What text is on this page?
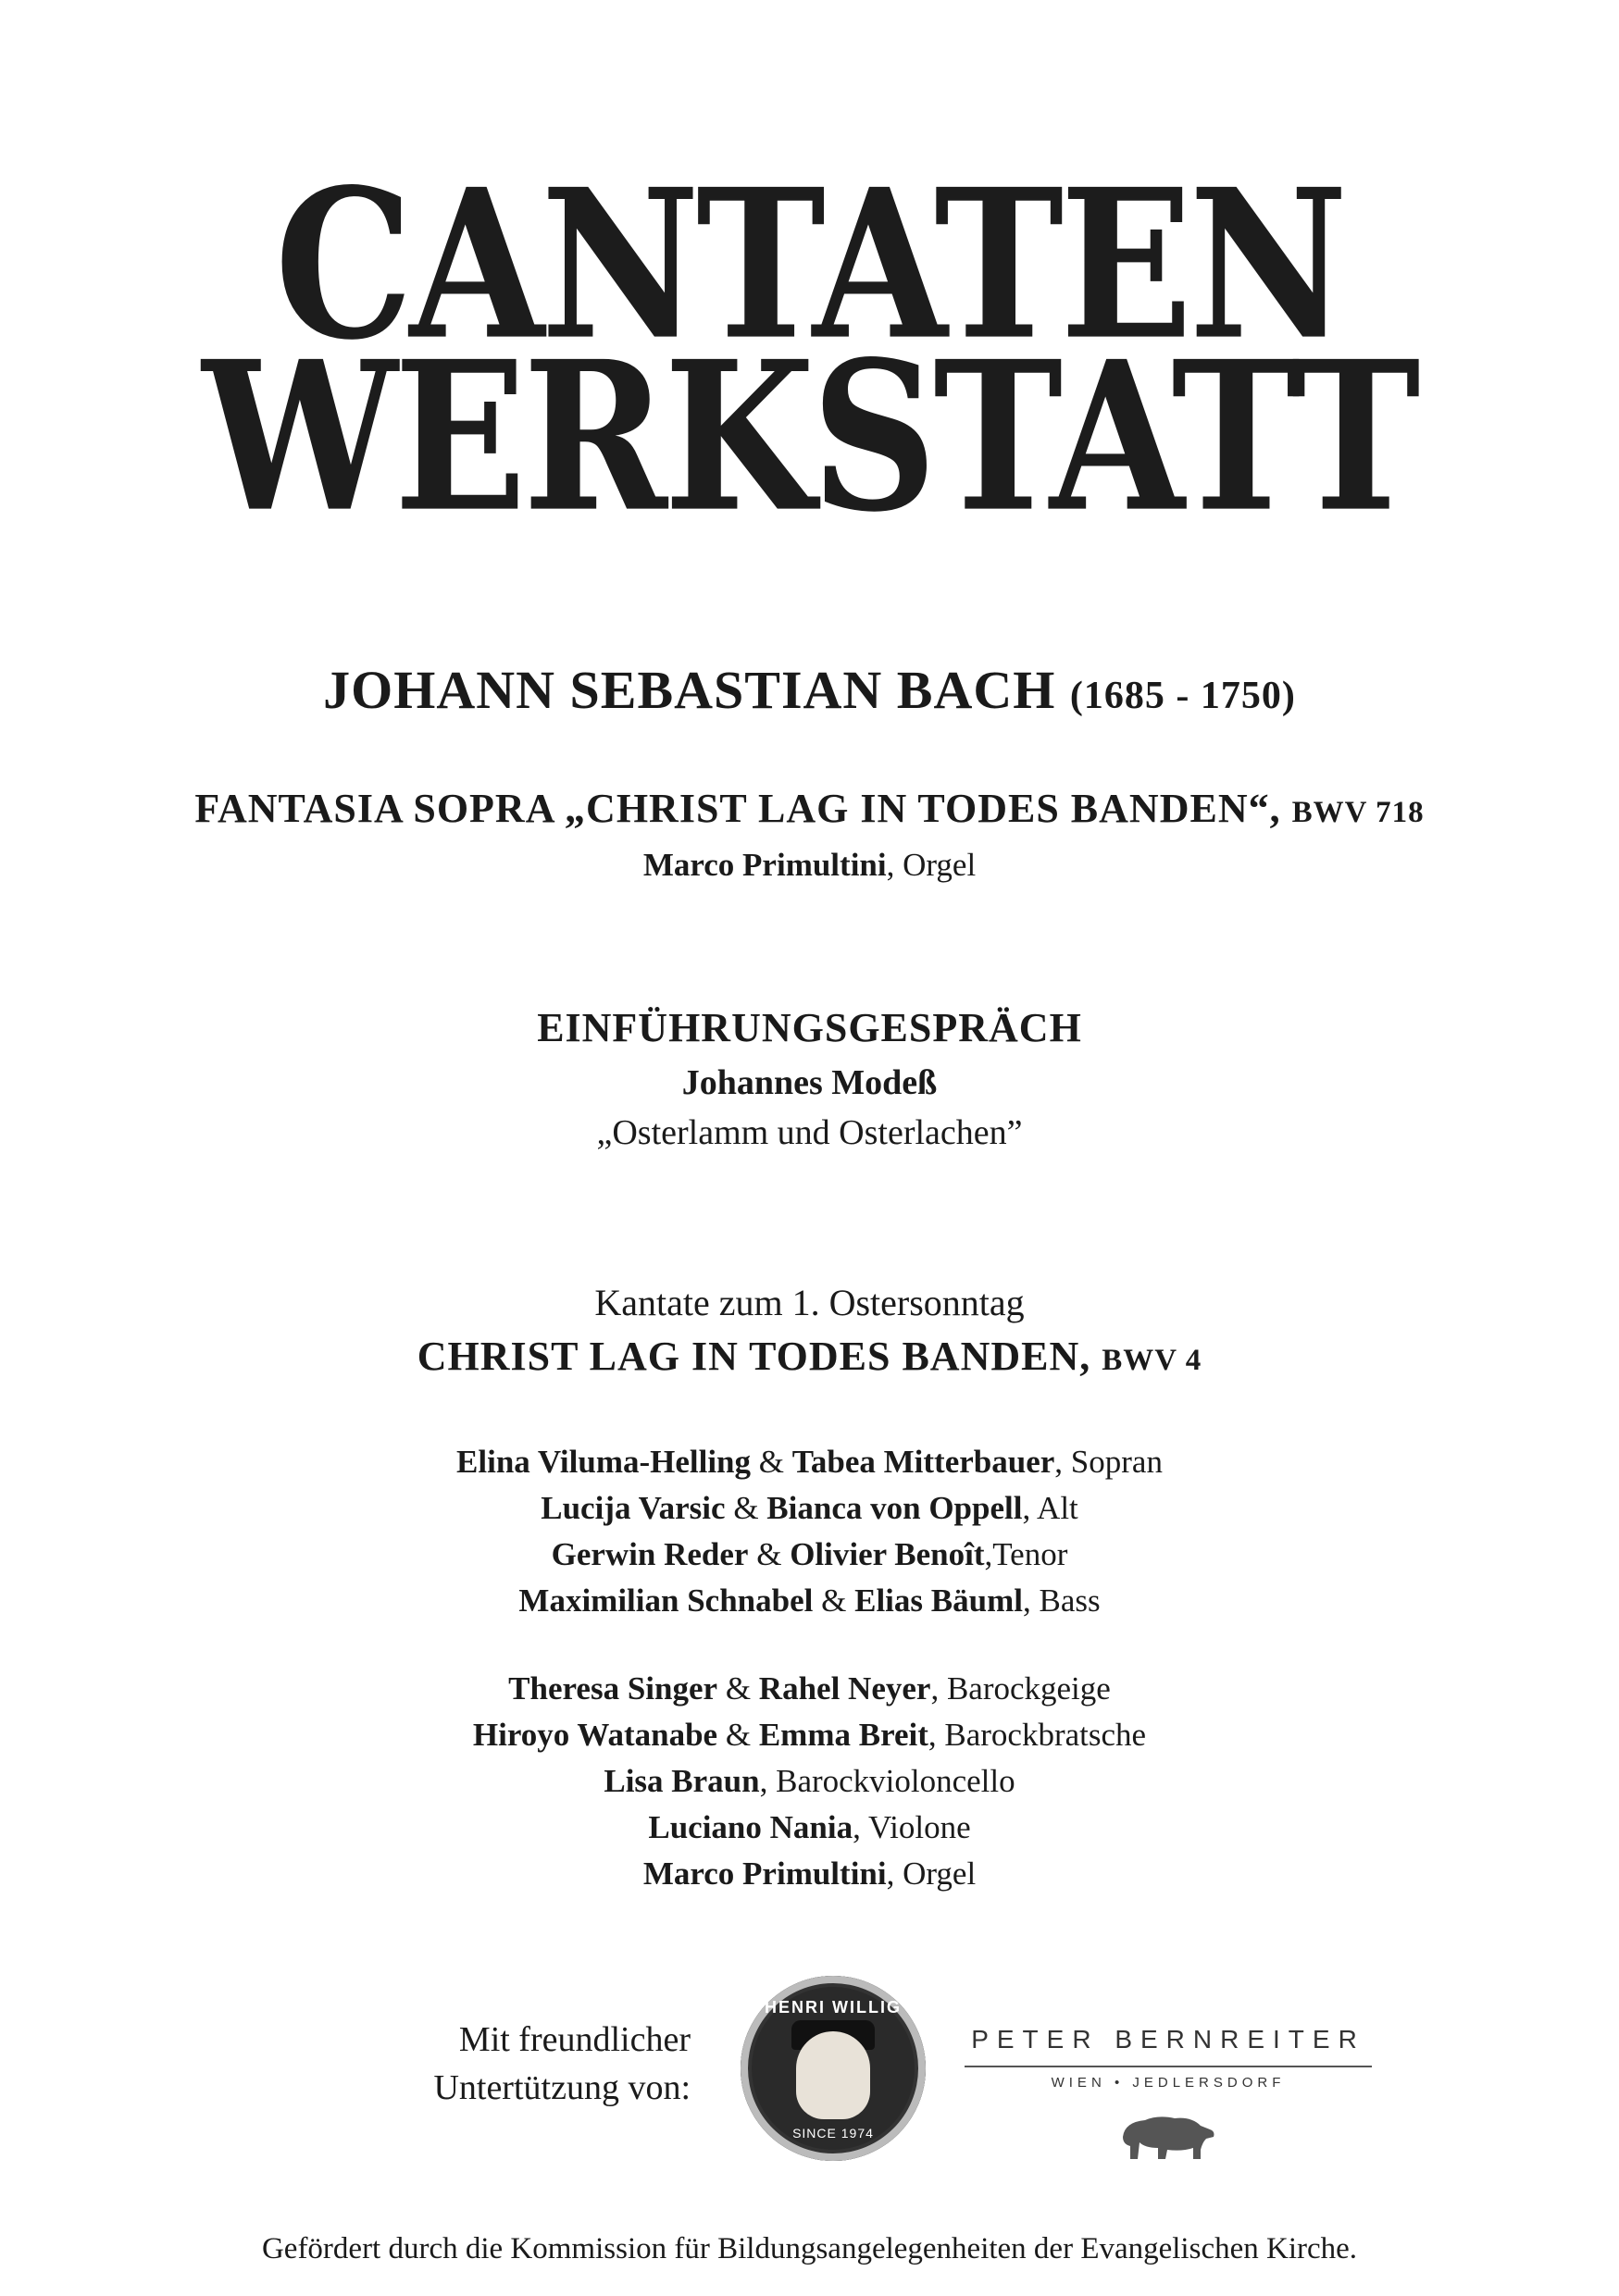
CANTATEN
WERKSTATT
JOHANN SEBASTIAN BACH (1685 - 1750)
FANTASIA SOPRA „CHRIST LAG IN TODES BANDEN“, BWV 718
Marco Primultini, Orgel
EINFÜHRUNGSGESPRÄCH
Johannes Modeß
„Osterlamm und Osterlachen”
Kantate zum 1. Ostersonntag
CHRIST LAG IN TODES BANDEN, BWV 4
Elina Viluma-Helling & Tabea Mitterbauer, Sopran
Lucija Varsic & Bianca von Oppell, Alt
Gerwin Reder & Olivier Benoît,Tenor
Maximilian Schnabel & Elias Bäuml, Bass
Theresa Singer & Rahel Neyer, Barockgeige
Hiroyo Watanabe & Emma Breit, Barockbratsche
Lisa Braun, Barockvioloncello
Luciano Nania, Violone
Marco Primultini, Orgel
Mit freundlicher
Untertützung von:
HENRI WILLIG
SINCE 1974
PETER BERNREITER
WIEN • JEDLERSDORF
Gefördert durch die Kommission für Bildungsangelegenheiten der Evangelischen Kirche.
